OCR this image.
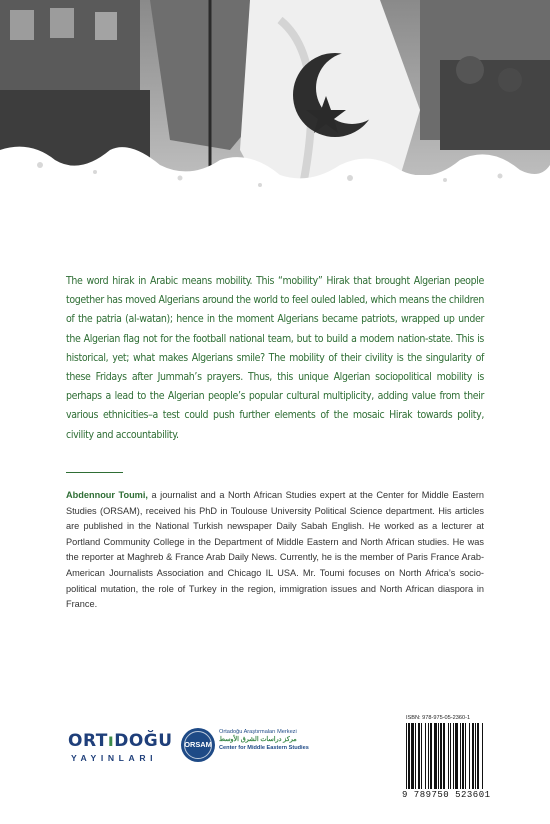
The word hirak in Arabic means mobility. This “mobility” Hirak that brought Algerian people together has moved Algerians around the world to feel ouled labled, which means the children of the patria (al-watan); hence in the moment Algerians became patriots, wrapped up under the Algerian flag not for the football national team, but to build a modern nation-state. This is historical, yet; what makes Algerians smile? The mobility of their civility is the singularity of these Fridays after Jummah’s prayers. Thus, this unique Algerian sociopolitical mobility is perhaps a lead to the Algerian people’s popular cultural multiplicity, adding value from their various ethnicities–a test could push further elements of the mosaic Hirak towards polity, civility and accountability.

Abdennour Toumi, a journalist and a North African Studies expert at the Center for Middle Eastern Studies (ORSAM), received his PhD in Toulouse University Political Science department. His articles are published in the National Turkish newspaper Daily Sabah English. He worked as a lecturer at Portland Community College in the Department of Middle Eastern and North African studies. He was the reporter at Maghreb & France Arab Daily News. Currently, he is the member of Paris France Arab-American Journalists Association and Chicago IL USA. Mr. Toumi focuses on North Africa’s socio-political mutation, the role of Turkey in the region, immigration issues and North African diaspora in France.

ORTıDOĞU
YAYINLARI
ORSAM
Ortadoğu Araştırmaları Merkezi
مركز دراسات الشرق الأوسط
Center for Middle Eastern Studies
ISBN: 978-975-05-2360-1
9 789750 523601
